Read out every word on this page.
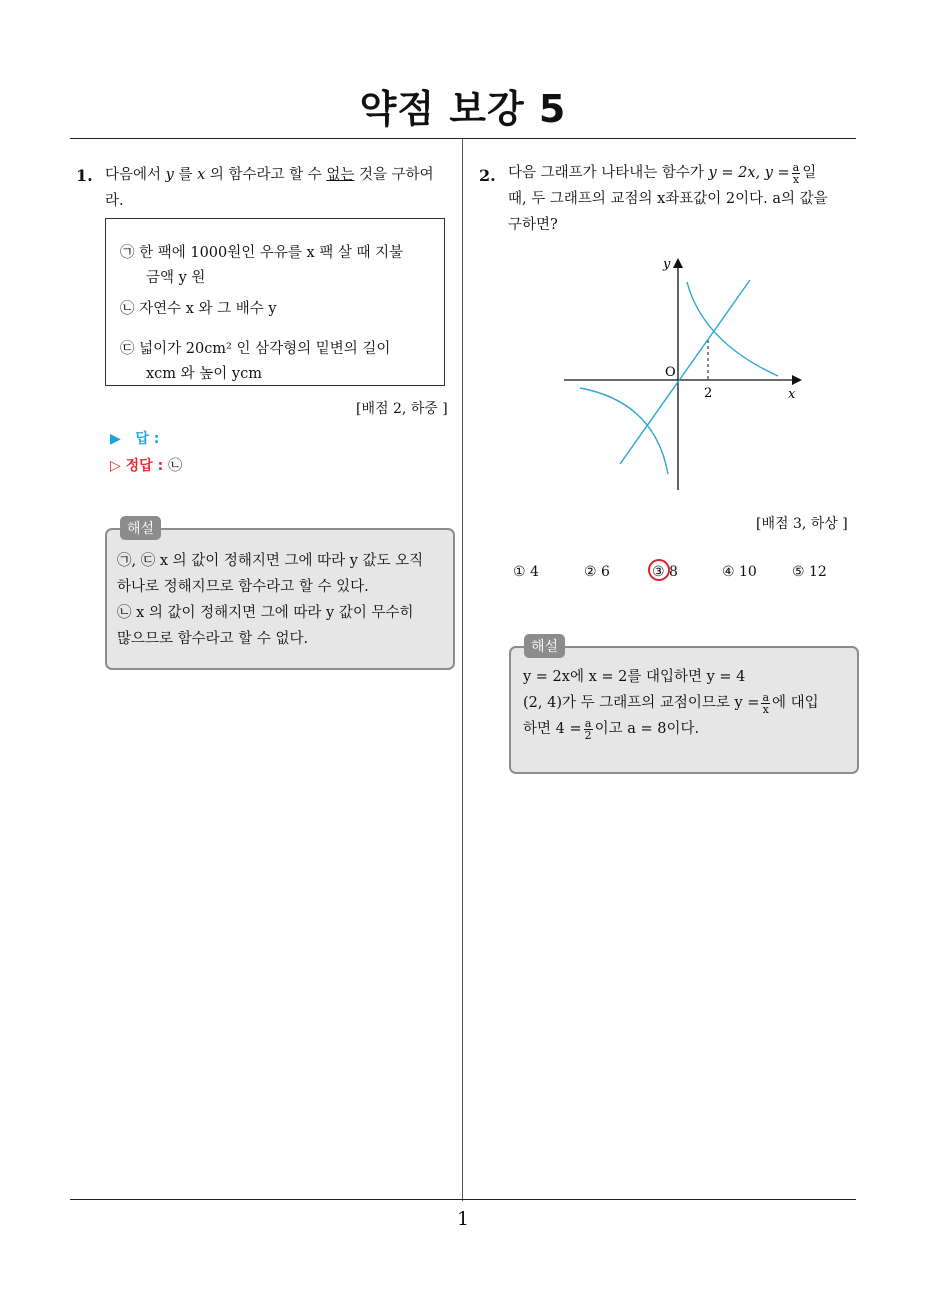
약점 보강 5
1. 다음에서 y 를 x 의 함수라고 할 수 없는 것을 구하여
라.
㉠ 한 팩에 1000원인 우유를 x 팩 살 때 지불
금액 y 원
㉡ 자연수 x 와 그 배수 y
㉢ 넓이가 20cm² 인 삼각형의 밑변의 길이
xcm 와 높이 ycm
[배점 2, 하중 ]
▶ 답 :
▷ 정답 : ㉡
㉠, ㉢ x 의 값이 정해지면 그에 따라 y 값도 오직
하나로 정해지므로 함수라고 할 수 있다.
㉡ x 의 값이 정해지면 그에 따라 y 값이 무수히
많으므로 함수라고 할 수 없다.
해설
2. 다음 그래프가 나타내는 함수가 y = 2x, $y = \frac{a}{x}$ 일
때, 두 그래프의 교점의 x좌표값이 2이다. a의 값을
구하면?
y
x
O
2
[배점 3, 하상 ]
① 4	② 6	③ 8	④ 10	⑤ 12
y = 2x에 x = 2를 대입하면 y = 4
(2, 4)가 두 그래프의 교점이므로 $y = \frac{a}{x}$ 에 대입
하면 $4 = \frac{a}{2}$ 이고 a = 8이다.
해설
1
